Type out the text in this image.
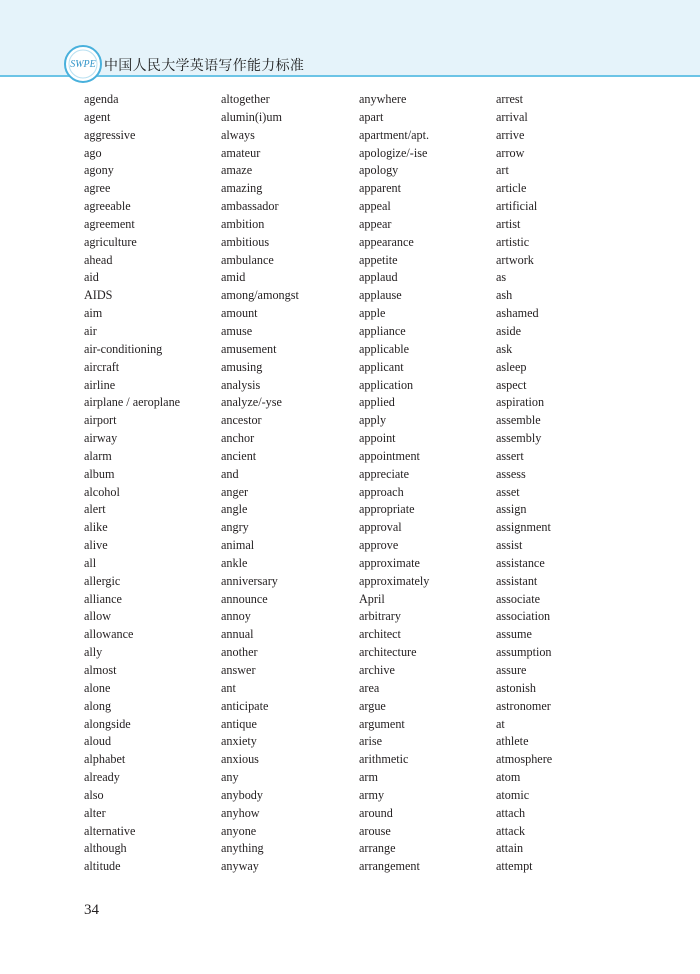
SWPE 中国人民大学英语写作能力标准
agenda
agent
aggressive
ago
agony
agree
agreeable
agreement
agriculture
ahead
aid
AIDS
aim
air
air-conditioning
aircraft
airline
airplane / aeroplane
airport
airway
alarm
album
alcohol
alert
alike
alive
all
allergic
alliance
allow
allowance
ally
almost
alone
along
alongside
aloud
alphabet
already
also
alter
alternative
although
altitude
altogether
alumin(i)um
always
amateur
amaze
amazing
ambassador
ambition
ambitious
ambulance
amid
among/amongst
amount
amuse
amusement
amusing
analysis
analyze/-yse
ancestor
anchor
ancient
and
anger
angle
angry
animal
ankle
anniversary
announce
annoy
annual
another
answer
ant
anticipate
antique
anxiety
anxious
any
anybody
anyhow
anyone
anything
anyway
anywhere
apart
apartment/apt.
apologize/-ise
apology
apparent
appeal
appear
appearance
appetite
applaud
applause
apple
appliance
applicable
applicant
application
applied
apply
appoint
appointment
appreciate
approach
appropriate
approval
approve
approximate
approximately
April
arbitrary
architect
architecture
archive
area
argue
argument
arise
arithmetic
arm
army
around
arouse
arrange
arrangement
arrest
arrival
arrive
arrow
art
article
artificial
artist
artistic
artwork
as
ash
ashamed
aside
ask
asleep
aspect
aspiration
assemble
assembly
assert
assess
asset
assign
assignment
assist
assistance
assistant
associate
association
assume
assumption
assure
astonish
astronomer
at
athlete
atmosphere
atom
atomic
attach
attack
attain
attempt
34
